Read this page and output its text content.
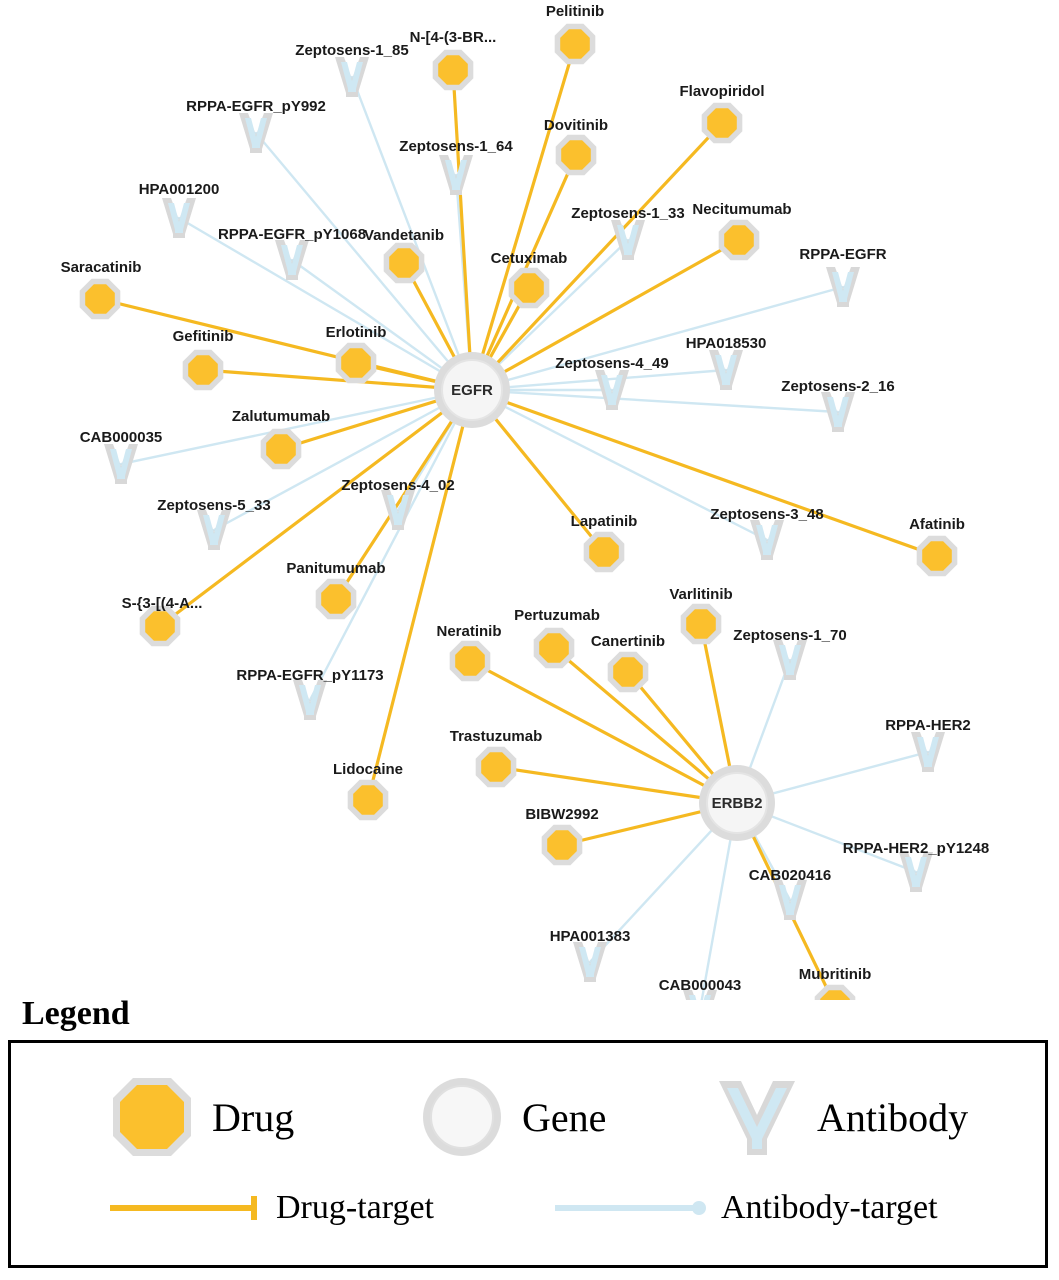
Zeptosens-1_85
Zeptosens-1_64
RPPA-EGFR_pY992
HPA001200
RPPA-EGFR_pY1068
Zeptosens-1_33
RPPA-EGFR
HPA018530
Zeptosens-4_49
Zeptosens-2_16
CAB000035
Zeptosens-5_33
Zeptosens-4_02
Zeptosens-3_48
Zeptosens-1_70
RPPA-EGFR_pY1173
RPPA-HER2
RPPA-HER2_pY1248
CAB020416
HPA001383
CAB000043
Pelitinib
N-[4-(3-BR...
Flavopiridol
Dovitinib
Necitumumab
Vandetanib
Cetuximab
Saracatinib
Erlotinib
Gefitinib
Zalutumumab
Lapatinib	Afatinib
Panitumumab
Varlitinib
S-{3-[(4-A...
Pertuzumab
Neratinib
Canertinib
Trastuzumab
Lidocaine
BIBW2992
Mubritinib
EGFR
ERBB2
Legend
Drug	Gene	Antibody
Drug-target	Antibody-target
